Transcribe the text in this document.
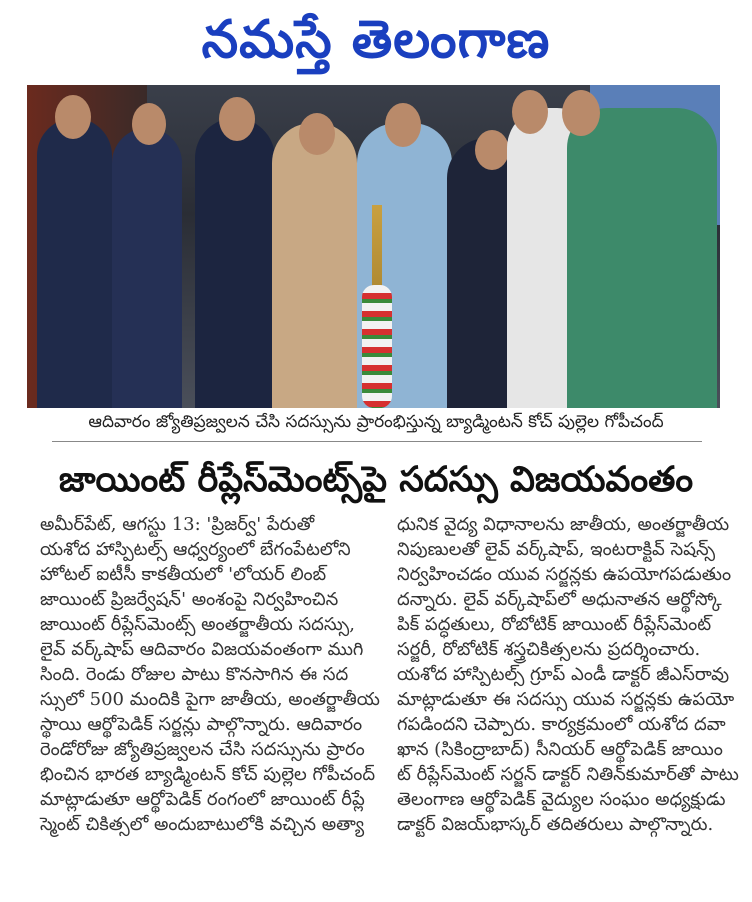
నమస్తే తెలంగాణ
ఆదివారం జ్యోతిప్రజ్వలన చేసి సదస్సును ప్రారంభిస్తున్న బ్యాడ్మింటన్ కోచ్ పుల్లెల గోపీచంద్
జాయింట్ రీప్లేస్‌మెంట్స్‌పై సదస్సు విజయవంతం
అమీర్‌పేట్, ఆగస్టు 13: 'ప్రిజర్వ్' పేరుతో
యశోద హాస్పిటల్స్ ఆధ్వర్యంలో బేగంపేటలోని
హోటల్ ఐటీసీ కాకతీయలో 'లోయర్ లింబ్
జాయింట్ ప్రిజర్వేషన్' అంశంపై నిర్వహించిన
జాయింట్ రీప్లేస్‌మెంట్స్ అంతర్జాతీయ సదస్సు,
లైవ్ వర్క్‌షాప్ ఆదివారం విజయవంతంగా ముగి
సింది. రెండు రోజుల పాటు కొనసాగిన ఈ సద
స్సులో 500 మందికి పైగా జాతీయ, అంతర్జాతీయ
స్థాయి ఆర్థోపెడిక్ సర్జన్లు పాల్గొన్నారు. ఆదివారం
రెండోరోజు జ్యోతిప్రజ్వలన చేసి సదస్సును ప్రారం
భించిన భారత బ్యాడ్మింటన్ కోచ్ పుల్లెల గోపీచంద్
మాట్లాడుతూ ఆర్థోపెడిక్ రంగంలో జాయింట్ రీప్లే
స్మెంట్ చికిత్సలో అందుబాటులోకి వచ్చిన అత్యా
ధునిక వైద్య విధానాలను జాతీయ, అంతర్జాతీయ
నిపుణులతో లైవ్ వర్క్‌షాప్, ఇంటరాక్టివ్ సెషన్స్
నిర్వహించడం యువ సర్జన్లకు ఉపయోగపడుతుం
దన్నారు. లైవ్ వర్క్‌షాప్‌లో అధునాతన ఆర్థోస్కో
పిక్ పద్ధతులు, రోబోటిక్ జాయింట్ రీప్లేస్‌మెంట్
సర్జరీ, రోబోటిక్ శస్త్రచికిత్సలను ప్రదర్శించారు.
యశోద హాస్పిటల్స్ గ్రూప్ ఎండీ డాక్టర్ జీఎస్‌రావు
మాట్లాడుతూ ఈ సదస్సు యువ సర్జన్లకు ఉపయో
గపడిందని చెప్పారు. కార్యక్రమంలో యశోద దవా
ఖాన (సికింద్రాబాద్) సీనియర్ ఆర్థోపెడిక్ జాయిం
ట్ రీప్లేస్‌మెంట్ సర్జన్ డాక్టర్ నితిన్‌కుమార్‌తో పాటు
తెలంగాణ ఆర్థోపెడిక్ వైద్యుల సంఘం అధ్యక్షుడు
డాక్టర్ విజయ్‌భాస్కర్ తదితరులు పాల్గొన్నారు.
